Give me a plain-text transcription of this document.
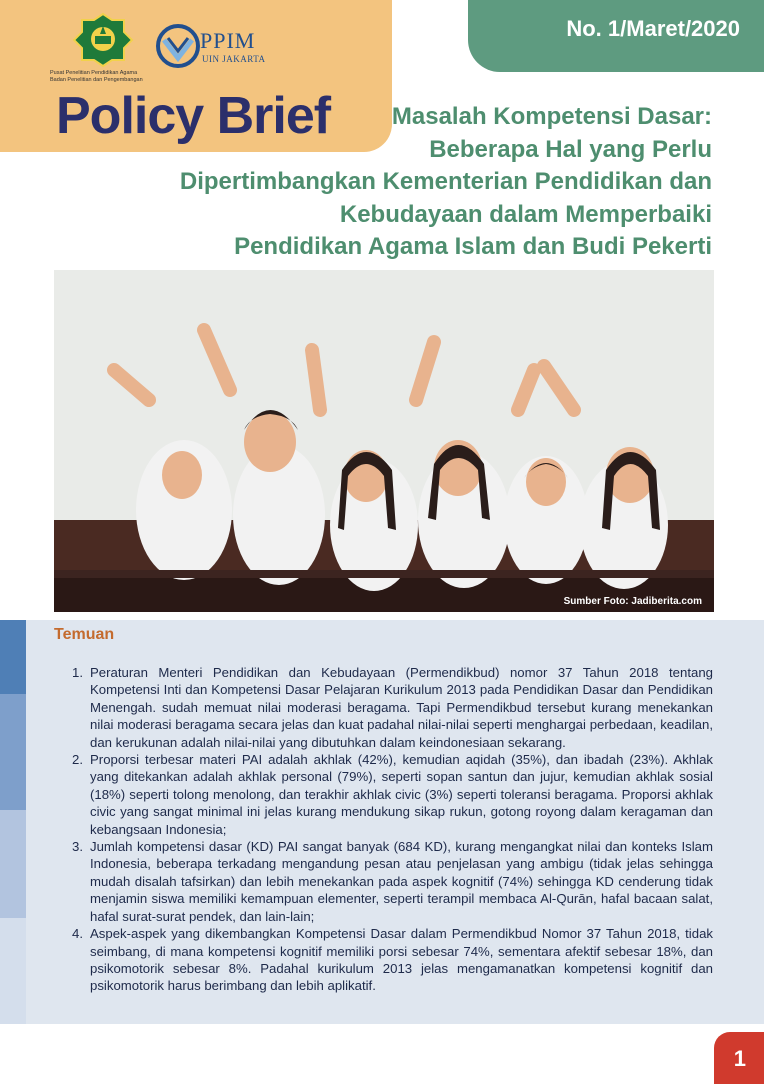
Pusat Penelitian Pendidikan Agama
Badan Penelitian dan Pengembangan
PPIM
UIN JAKARTA
No. 1/Maret/2020
Policy Brief	Masalah Kompetensi Dasar:
Beberapa Hal yang Perlu
Dipertimbangkan Kementerian Pendidikan dan
Kebudayaan dalam Memperbaiki
Pendidikan Agama Islam dan Budi Pekerti
Sumber Foto: Jadiberita.com
Temuan
1. Peraturan Menteri Pendidikan dan Kebudayaan (Permendikbud) nomor 37 Tahun 2018 tentang Kompetensi Inti dan Kompetensi Dasar Pelajaran Kurikulum 2013 pada Pendidikan Dasar dan Pendidikan Menengah. sudah memuat nilai moderasi beragama. Tapi Permendikbud tersebut kurang menekankan nilai moderasi beragama secara jelas dan kuat padahal nilai-nilai seperti menghargai perbedaan, keadilan, dan kerukunan adalah nilai-nilai yang dibutuhkan dalam keindonesiaan sekarang.
2. Proporsi terbesar materi PAI adalah akhlak (42%), kemudian aqidah (35%), dan ibadah (23%). Akhlak yang ditekankan adalah akhlak personal (79%), seperti sopan santun dan jujur, kemudian akhlak sosial (18%) seperti tolong menolong, dan terakhir akhlak civic (3%) seperti toleransi beragama. Proporsi akhlak civic yang sangat minimal ini jelas kurang mendukung sikap rukun, gotong royong dalam keragaman dan kebangsaan Indonesia;
3. Jumlah kompetensi dasar (KD) PAI sangat banyak (684 KD), kurang mengangkat nilai dan konteks Islam Indonesia, beberapa terkadang mengandung pesan atau penjelasan yang ambigu (tidak jelas sehingga mudah disalah tafsirkan) dan lebih menekankan pada aspek kognitif (74%) sehingga KD cenderung tidak menjamin siswa memiliki kemampuan elementer, seperti terampil membaca Al-Qurān, hafal bacaan salat, hafal surat-surat pendek, dan lain-lain;
4. Aspek-aspek yang dikembangkan Kompetensi Dasar dalam Permendikbud Nomor 37 Tahun 2018, tidak seimbang, di mana kompetensi kognitif memiliki porsi sebesar 74%, sementara afektif sebesar 18%, dan psikomotorik sebesar 8%. Padahal kurikulum 2013 jelas mengamanatkan kompetensi kognitif dan psikomotorik harus berimbang dan lebih aplikatif.
1
